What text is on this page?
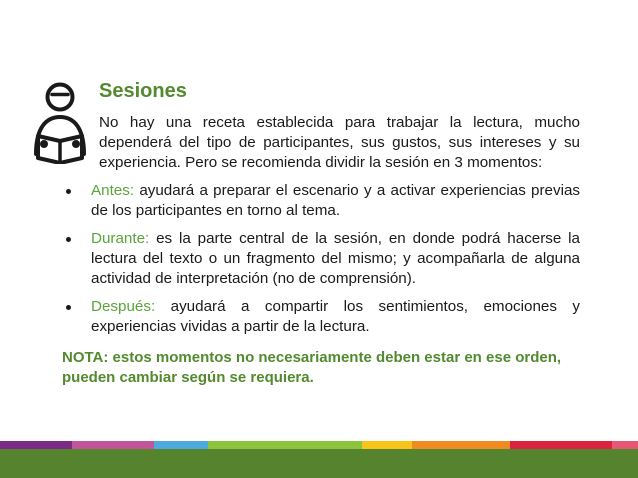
Sesiones

No hay una receta establecida para trabajar la lectura, mucho dependerá del tipo de participantes, sus gustos, sus intereses y su experiencia. Pero se recomienda dividir la sesión en 3 momentos:

Antes: ayudará a preparar el escenario y a activar experiencias previas de los participantes en torno al tema.
Durante: es la parte central de la sesión, en donde podrá hacerse la lectura del texto o un fragmento del mismo; y acompañarla de alguna actividad de interpretación (no de comprensión).
Después: ayudará a compartir los sentimientos, emociones y experiencias vividas a partir de la lectura.

NOTA: estos momentos no necesariamente deben estar en ese orden, pueden cambiar según se requiera.
